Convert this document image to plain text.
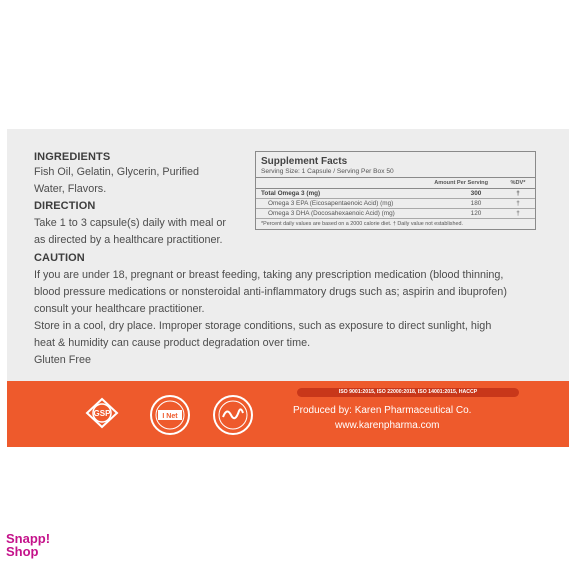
INGREDIENTS
Fish Oil, Gelatin, Glycerin, Purified
Water, Flavors.
DIRECTION
Take 1 to 3 capsule(s) daily with meal or
as directed by a healthcare practitioner.
CAUTION
If you are under 18, pregnant or breast feeding, taking any prescription medication (blood thinning,
blood pressure medications or nonsteroidal anti-inflammatory drugs such as; aspirin and ibuprofen)
consult your healthcare practitioner.
Store in a cool, dry place. Improper storage conditions, such as exposure to direct sunlight, high
heat & humidity can cause product degradation over time.
Gluten Free
Supplement Facts
Serving Size: 1 Capsule / Serving Per Box 50
Amount Per Serving	%DV*
Total Omega 3 (mg)	300	†
Omega 3 EPA (Eicosapentaenoic Acid) (mg)	180	†
Omega 3 DHA (Docosahexaenoic Acid) (mg)	120	†
*Percent daily values are based on a 2000 calorie diet. † Daily value not established.
ISO 9001:2015, ISO 22000:2018, ISO 14001:2015, HACCP
GSP	I Net
Produced by: Karen Pharmaceutical Co.
www.karenpharma.com
Snapp!
Shop
